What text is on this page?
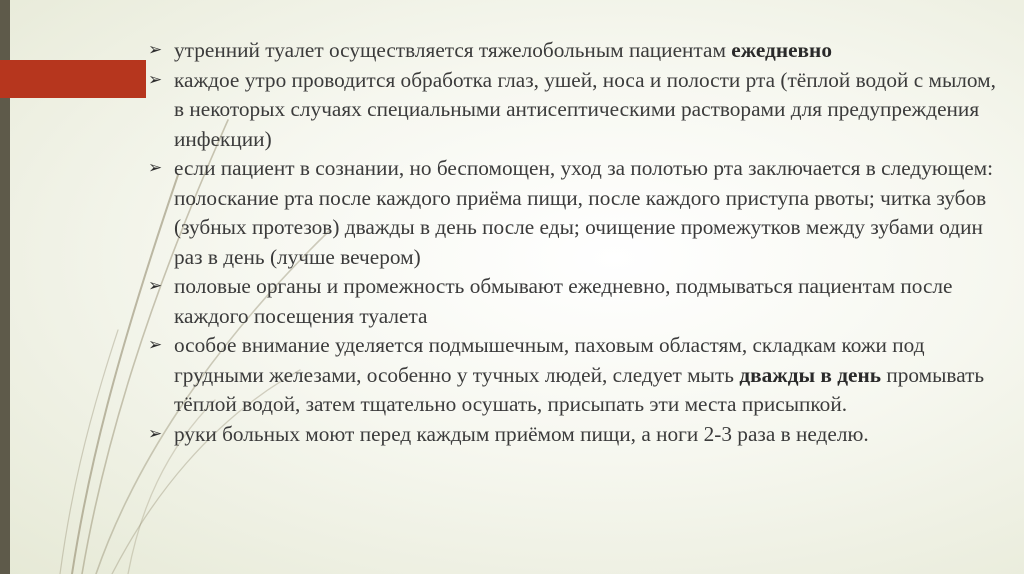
➢ утренний туалет осуществляется тяжелобольным пациентам ежедневно
➢ каждое утро проводится обработка глаз, ушей, носа и полости рта (тёплой водой с мылом, в некоторых случаях специальными антисептическими растворами для предупреждения инфекции)
➢ если пациент в сознании, но беспомощен, уход за полотью рта заключается в следующем: полоскание рта после каждого приёма пищи, после каждого приступа рвоты; читка зубов (зубных протезов) дважды в день после еды; очищение промежутков между зубами один раз в день (лучше вечером)
➢ половые органы и промежность обмывают ежедневно, подмываться пациентам после каждого посещения туалета
➢ особое внимание уделяется подмышечным, паховым областям, складкам кожи под грудными железами, особенно у тучных людей, следует мыть дважды в день промывать тёплой водой, затем тщательно осушать, присыпать эти места присыпкой.
➢ руки больных моют перед каждым приёмом пищи, а ноги 2-3 раза в неделю.
